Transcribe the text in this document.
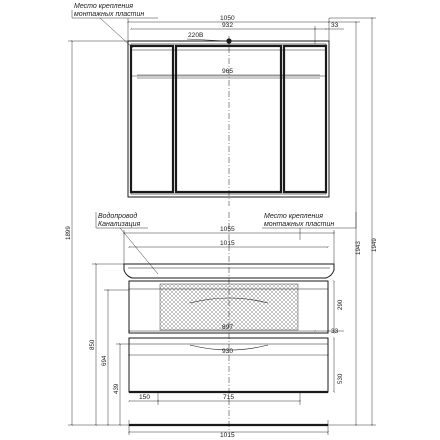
220В
1050
932	33
965
Место крепления
монтажных пластин
Водопровод
Канализация
Место крепления
монтажных пластин
1055
1015
290
897
33
930
530
150	715
1015
1899
850
694
439
1943 1949
